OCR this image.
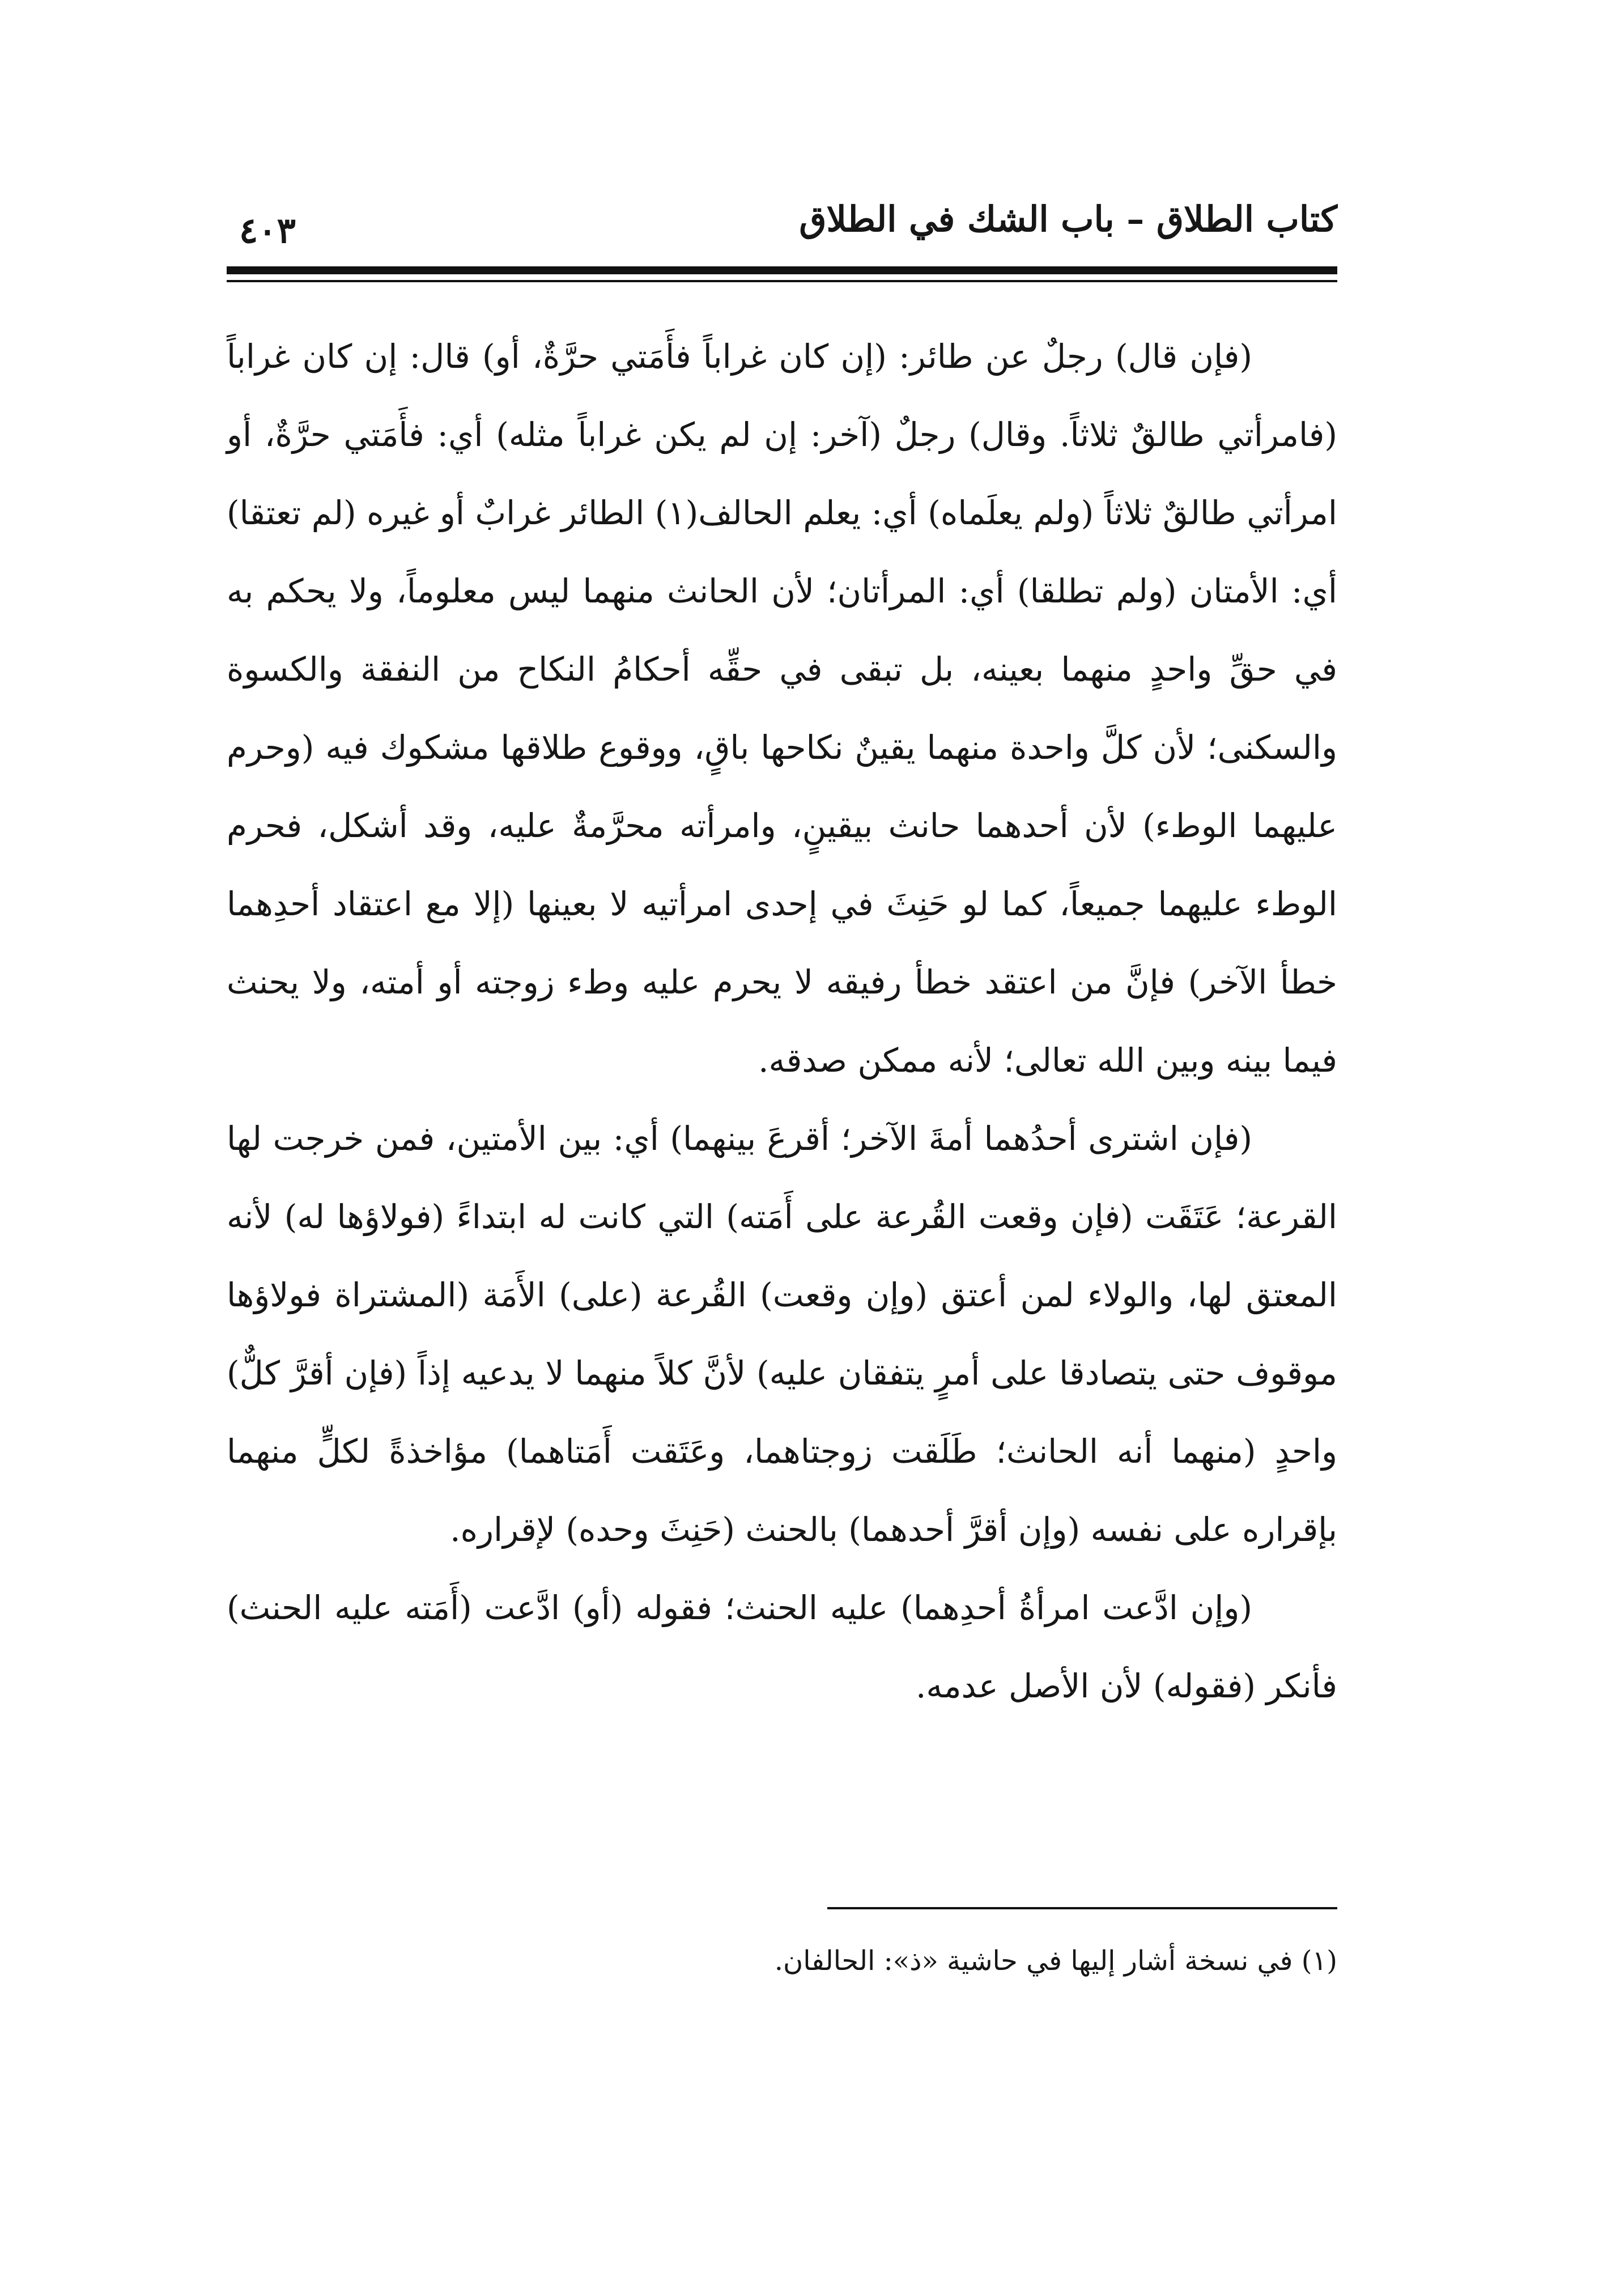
كتاب الطلاق – باب الشك في الطلاق
٤٠٣

(فإن قال) رجلٌ عن طائر: (إن كان غراباً فأَمَتي حرَّةٌ، أو) قال: إن كان غراباً (فامرأتي طالقٌ ثلاثاً. وقال) رجلٌ (آخر: إن لم يكن غراباً مثله) أي: فأَمَتي حرَّةٌ، أو امرأتي طالقٌ ثلاثاً (ولم يعلَماه) أي: يعلم الحالف(١) الطائر غرابٌ أو غيره (لم تعتقا) أي: الأمتان (ولم تطلقا) أي: المرأتان؛ لأن الحانث منهما ليس معلوماً، ولا يحكم به في حقِّ واحدٍ منهما بعينه، بل تبقى في حقِّه أحكامُ النكاح من النفقة والكسوة والسكنى؛ لأن كلَّ واحدة منهما يقينٌ نكاحها باقٍ، ووقوع طلاقها مشكوك فيه (وحرم عليهما الوطء) لأن أحدهما حانث بيقينٍ، وامرأته محرَّمةٌ عليه، وقد أشكل، فحرم الوطء عليهما جميعاً، كما لو حَنِثَ في إحدى امرأتيه لا بعينها (إلا مع اعتقاد أحدِهما خطأ الآخر) فإنَّ من اعتقد خطأ رفيقه لا يحرم عليه وطء زوجته أو أمته، ولا يحنث فيما بينه وبين الله تعالى؛ لأنه ممكن صدقه.

(فإن اشترى أحدُهما أمةَ الآخر؛ أقرعَ بينهما) أي: بين الأمتين، فمن خرجت لها القرعة؛ عَتَقَت (فإن وقعت القُرعة على أَمَته) التي كانت له ابتداءً (فولاؤها له) لأنه المعتق لها، والولاء لمن أعتق (وإن وقعت) القُرعة (على) الأَمَة (المشتراة فولاؤها موقوف حتى يتصادقا على أمرٍ يتفقان عليه) لأنَّ كلاً منهما لا يدعيه إذاً (فإن أقرَّ كلٌّ) واحدٍ (منهما أنه الحانث؛ طَلَقت زوجتاهما، وعَتَقت أَمَتاهما) مؤاخذةً لكلٍّ منهما بإقراره على نفسه (وإن أقرَّ أحدهما) بالحنث (حَنِثَ وحده) لإقراره.

(وإن ادَّعت امرأةُ أحدِهما) عليه الحنث؛ فقوله (أو) ادَّعت (أَمَته عليه الحنث) فأنكر (فقوله) لأن الأصل عدمه.

(١) في نسخة أشار إليها في حاشية «ذ»: الحالفان.
